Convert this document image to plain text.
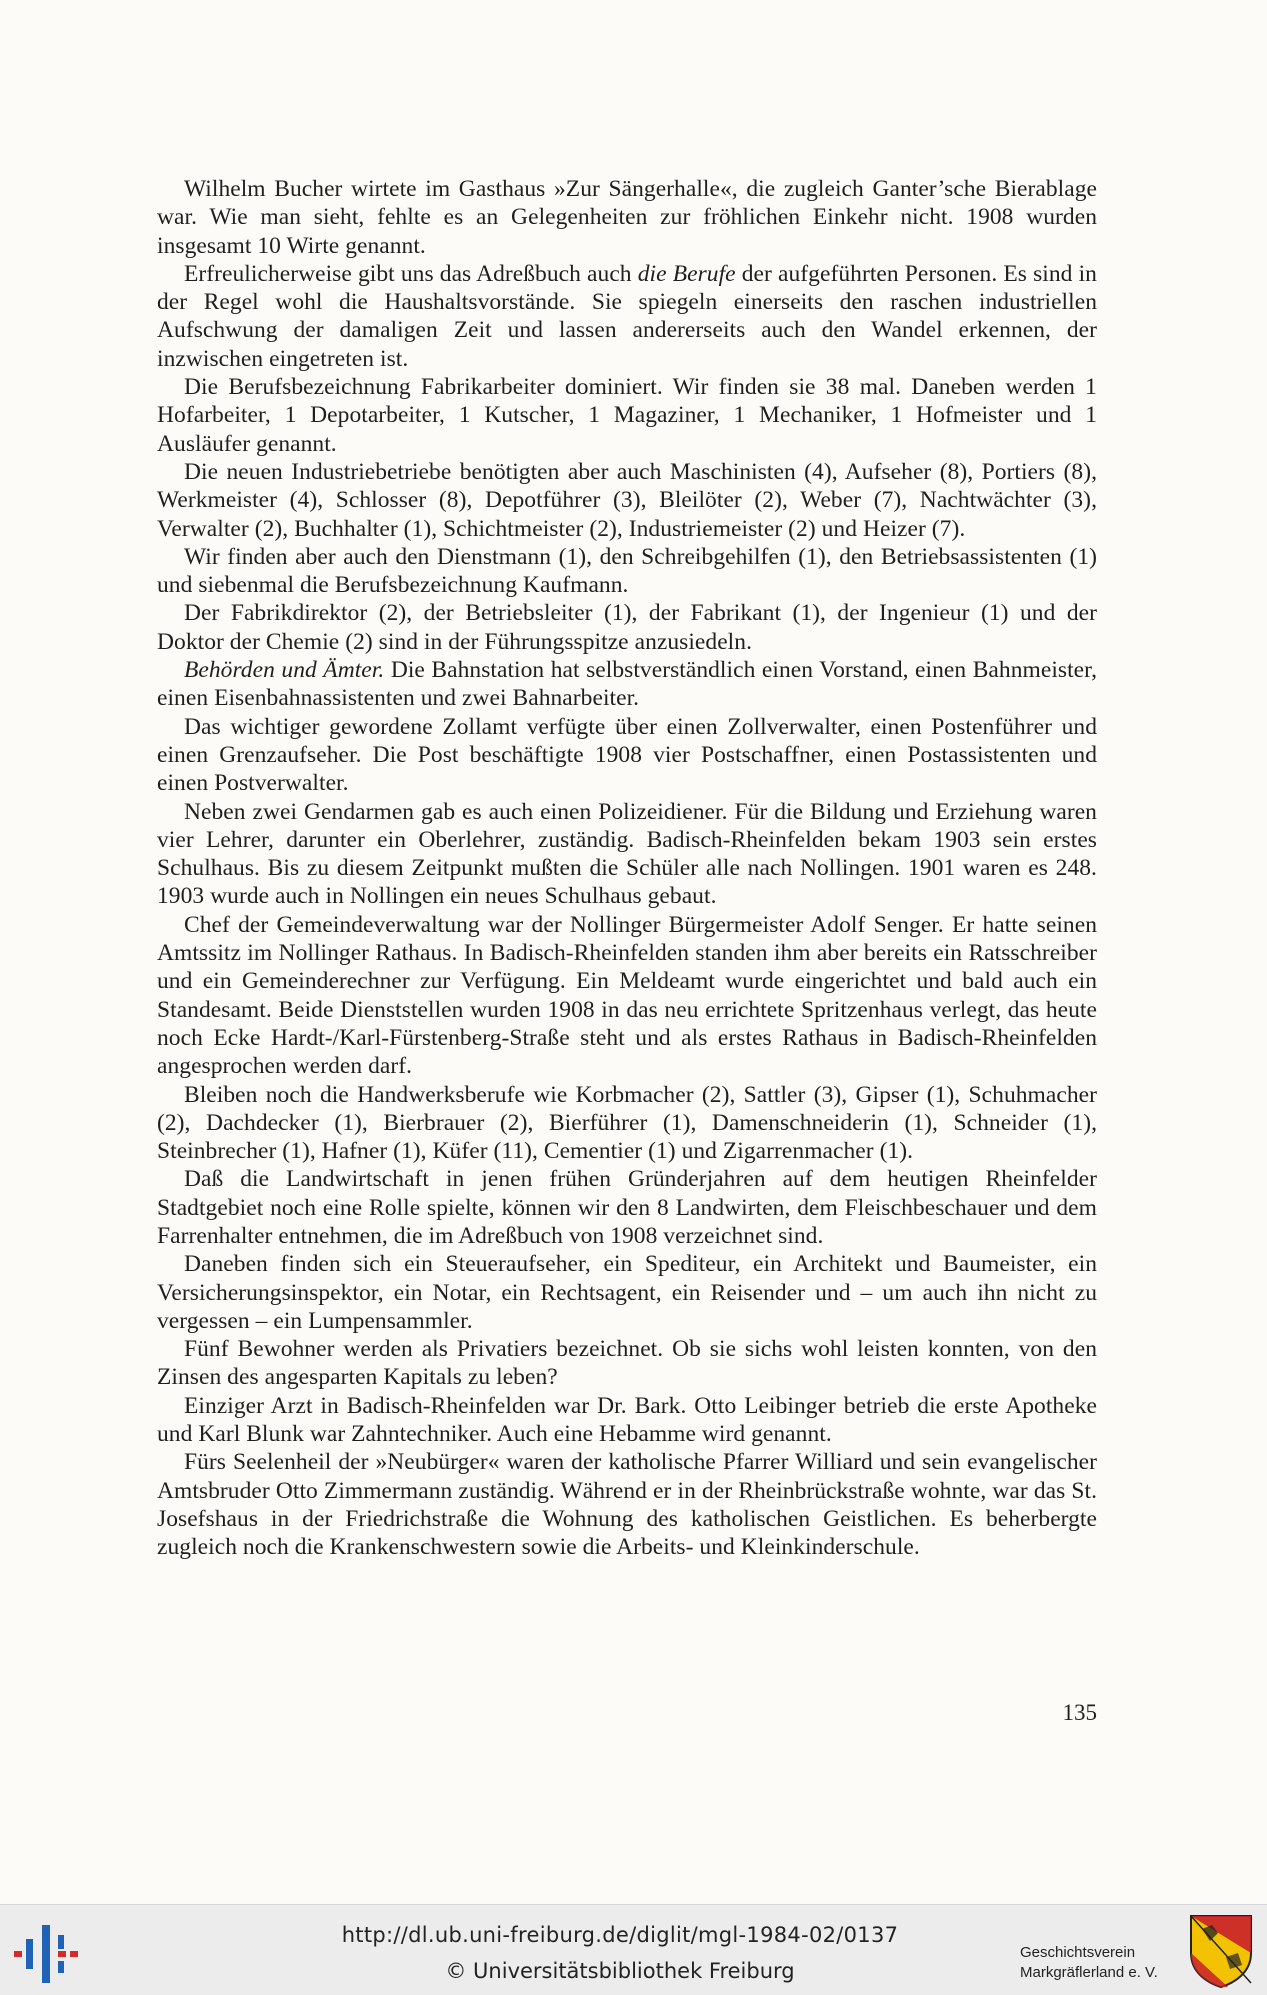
Wilhelm Bucher wirtete im Gasthaus »Zur Sängerhalle«, die zugleich Ganter’sche Bierablage war. Wie man sieht, fehlte es an Gelegenheiten zur fröhlichen Einkehr nicht. 1908 wurden insgesamt 10 Wirte genannt.

Erfreulicherweise gibt uns das Adreßbuch auch die Berufe der aufgeführten Personen. Es sind in der Regel wohl die Haushaltsvorstände. Sie spiegeln einerseits den raschen industriellen Aufschwung der damaligen Zeit und lassen andererseits auch den Wandel erkennen, der inzwischen eingetreten ist.

Die Berufsbezeichnung Fabrikarbeiter dominiert. Wir finden sie 38 mal. Daneben werden 1 Hofarbeiter, 1 Depotarbeiter, 1 Kutscher, 1 Magaziner, 1 Mechaniker, 1 Hofmeister und 1 Ausläufer genannt.

Die neuen Industriebetriebe benötigten aber auch Maschinisten (4), Aufseher (8), Portiers (8), Werkmeister (4), Schlosser (8), Depotführer (3), Bleilöter (2), Weber (7), Nachtwächter (3), Verwalter (2), Buchhalter (1), Schichtmeister (2), Industriemeister (2) und Heizer (7).

Wir finden aber auch den Dienstmann (1), den Schreibgehilfen (1), den Betriebsassistenten (1) und siebenmal die Berufsbezeichnung Kaufmann.

Der Fabrikdirektor (2), der Betriebsleiter (1), der Fabrikant (1), der Ingenieur (1) und der Doktor der Chemie (2) sind in der Führungsspitze anzusiedeln.

Behörden und Ämter. Die Bahnstation hat selbstverständlich einen Vorstand, einen Bahnmeister, einen Eisenbahnassistenten und zwei Bahnarbeiter.

Das wichtiger gewordene Zollamt verfügte über einen Zollverwalter, einen Postenführer und einen Grenzaufseher. Die Post beschäftigte 1908 vier Postschaffner, einen Postassistenten und einen Postverwalter.

Neben zwei Gendarmen gab es auch einen Polizeidiener. Für die Bildung und Erziehung waren vier Lehrer, darunter ein Oberlehrer, zuständig. Badisch-Rheinfelden bekam 1903 sein erstes Schulhaus. Bis zu diesem Zeitpunkt mußten die Schüler alle nach Nollingen. 1901 waren es 248. 1903 wurde auch in Nollingen ein neues Schulhaus gebaut.

Chef der Gemeindeverwaltung war der Nollinger Bürgermeister Adolf Senger. Er hatte seinen Amtssitz im Nollinger Rathaus. In Badisch-Rheinfelden standen ihm aber bereits ein Ratsschreiber und ein Gemeinderechner zur Verfügung. Ein Meldeamt wurde eingerichtet und bald auch ein Standesamt. Beide Dienststellen wurden 1908 in das neu errichtete Spritzenhaus verlegt, das heute noch Ecke Hardt-/Karl-Fürstenberg-Straße steht und als erstes Rathaus in Badisch-Rheinfelden angesprochen werden darf.

Bleiben noch die Handwerksberufe wie Korbmacher (2), Sattler (3), Gipser (1), Schuhmacher (2), Dachdecker (1), Bierbrauer (2), Bierführer (1), Damenschneiderin (1), Schneider (1), Steinbrecher (1), Hafner (1), Küfer (11), Cementier (1) und Zigarrenmacher (1).

Daß die Landwirtschaft in jenen frühen Gründerjahren auf dem heutigen Rheinfelder Stadtgebiet noch eine Rolle spielte, können wir den 8 Landwirten, dem Fleischbeschauer und dem Farrenhalter entnehmen, die im Adreßbuch von 1908 verzeichnet sind.

Daneben finden sich ein Steueraufseher, ein Spediteur, ein Architekt und Baumeister, ein Versicherungsinspektor, ein Notar, ein Rechtsagent, ein Reisender und – um auch ihn nicht zu vergessen – ein Lumpensammler.

Fünf Bewohner werden als Privatiers bezeichnet. Ob sie sichs wohl leisten konnten, von den Zinsen des angesparten Kapitals zu leben?

Einziger Arzt in Badisch-Rheinfelden war Dr. Bark. Otto Leibinger betrieb die erste Apotheke und Karl Blunk war Zahntechniker. Auch eine Hebamme wird genannt.

Fürs Seelenheil der »Neubürger« waren der katholische Pfarrer Williard und sein evangelischer Amtsbruder Otto Zimmermann zuständig. Während er in der Rheinbrückstraße wohnte, war das St. Josefshaus in der Friedrichstraße die Wohnung des katholischen Geistlichen. Es beherbergte zugleich noch die Krankenschwestern sowie die Arbeits- und Kleinkinderschule.

135
http://dl.ub.uni-freiburg.de/diglit/mgl-1984-02/0137
© Universitätsbibliothek Freiburg
Geschichtsverein
Markgräflerland e. V.
